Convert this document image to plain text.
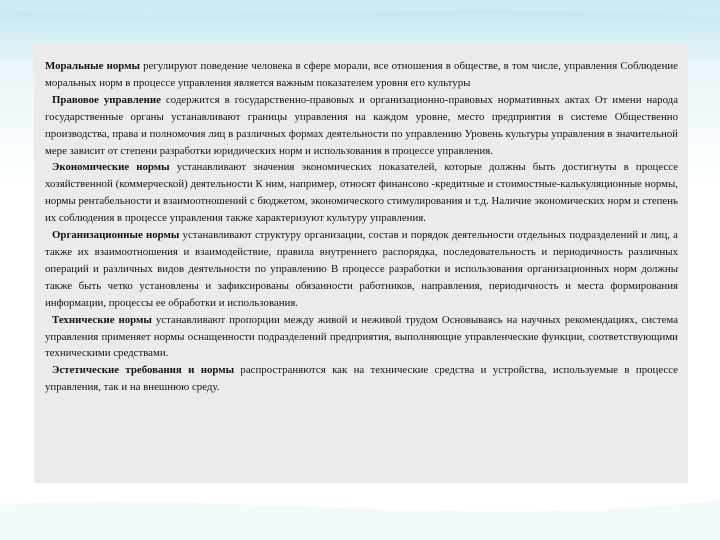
Моральные нормы регулируют поведение человека в сфере морали, все отношения в обществе, в том числе, управления Соблюдение моральных норм в процессе управления является важным показателем уровня его культуры

Правовое управление содержится в государственно-правовых и организационно-правовых нормативных актах От имени народа государственные органы устанавливают границы управления на каждом уровне, место предприятия в системе Общественно производства, права и полномочия лиц в различных формах деятельности по управлению Уровень культуры управления в значительной мере зависит от степени разработки юридических норм и использования в процессе управления.

Экономические нормы устанавливают значения экономических показателей, которые должны быть достигнуты в процессе хозяйственной (коммерческой) деятельности К ним, например, относят финансово -кредитные и стоимостные-калькуляционные нормы, нормы рентабельности и взаимоотношений с бюджетом, экономического стимулирования и т.д. Наличие экономических норм и степень их соблюдения в процессе управления также характеризуют культуру управления.

Организационные нормы устанавливают структуру организации, состав и порядок деятельности отдельных подразделений и лиц, а также их взаимоотношения и взаимодействие, правила внутреннего распорядка, последовательность и периодичность различных операций и различных видов деятельности по управлению В процессе разработки и использования организационных норм должны также быть четко установлены и зафиксированы обязанности работников, направления, периодичность и места формирования информации, процессы ее обработки и использования.

Технические нормы устанавливают пропорции между живой и неживой трудом Основываясь на научных рекомендациях, система управления применяет нормы оснащенности подразделений предприятия, выполняющие управленческие функции, соответствующими техническими средствами.

Эстетические требования и нормы распространяются как на технические средства и устройства, используемые в процессе управления, так и на внешнюю среду.
